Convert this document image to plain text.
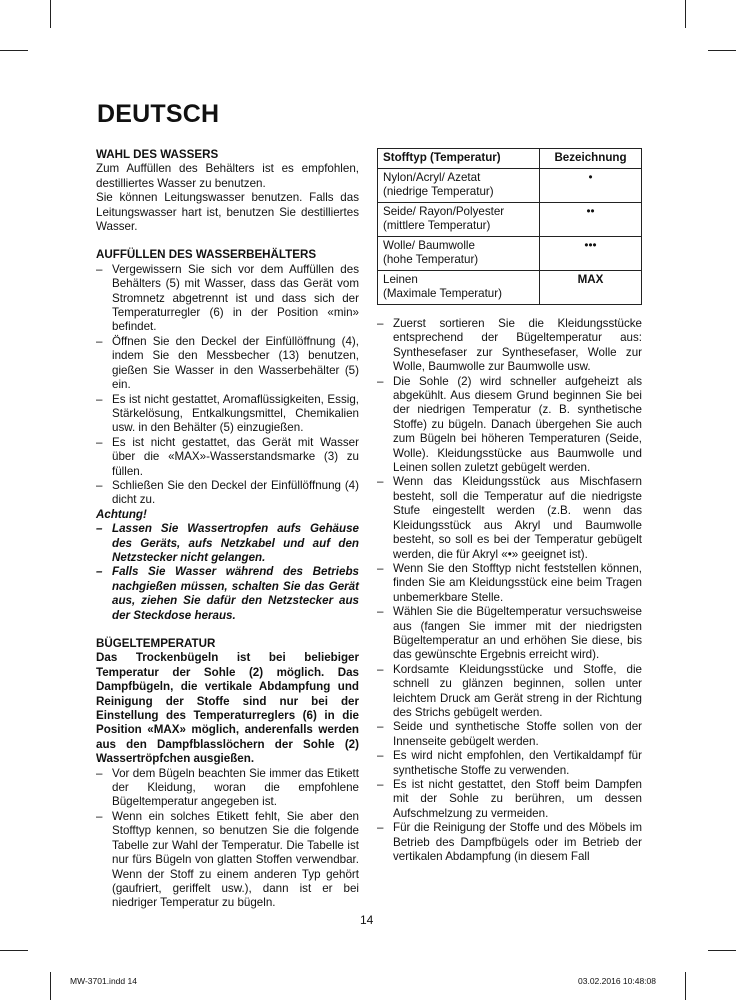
DEUTSCH

WAHL DES WASSERS

Zum Auffüllen des Behälters ist es empfohlen, destilliertes Wasser zu benutzen.

Sie können Leitungswasser benutzen. Falls das Leitungswasser hart ist, benutzen Sie destilliertes Wasser.

AUFFÜLLEN DES WASSERBEHÄLTERS

– Vergewissern Sie sich vor dem Auffüllen des Behälters (5) mit Wasser, dass das Gerät vom Stromnetz abgetrennt ist und dass sich der Temperaturregler (6) in der Position «min» befindet.

– Öffnen Sie den Deckel der Einfüllöffnung (4), indem Sie den Messbecher (13) benutzen, gießen Sie Wasser in den Wasserbehälter (5) ein.

– Es ist nicht gestattet, Aromaflüssigkeiten, Essig, Stärkelösung, Entkalkungsmittel, Chemikalien usw. in den Behälter (5) einzugießen.

– Es ist nicht gestattet, das Gerät mit Wasser über die «MAX»-Wasserstandsmarke (3) zu füllen.

– Schließen Sie den Deckel der Einfüllöffnung (4) dicht zu.

Achtung!

– Lassen Sie Wassertropfen aufs Gehäuse des Geräts, aufs Netzkabel und auf den Netzstecker nicht gelangen.

– Falls Sie Wasser während des Betriebs nachgießen müssen, schalten Sie das Gerät aus, ziehen Sie dafür den Netzstecker aus der Steckdose heraus.

BÜGELTEMPERATUR

Das Trockenbügeln ist bei beliebiger Temperatur der Sohle (2) möglich. Das Dampfbügeln, die vertikale Abdampfung und Reinigung der Stoffe sind nur bei der Einstellung des Temperaturreglers (6) in die Position «MAX» möglich, anderenfalls werden aus den Dampfblasslöchern der Sohle (2) Wassertröpfchen ausgießen.

– Vor dem Bügeln beachten Sie immer das Etikett der Kleidung, woran die empfohlene Bügeltemperatur angegeben ist.

– Wenn ein solches Etikett fehlt, Sie aber den Stofftyp kennen, so benutzen Sie die folgende Tabelle zur Wahl der Temperatur. Die Tabelle ist nur fürs Bügeln von glatten Stoffen verwendbar. Wenn der Stoff zu einem anderen Typ gehört (gaufriert, geriffelt usw.), dann ist er bei niedriger Temperatur zu bügeln.

Stofftyp (Temperatur)	Bezeichnung
Nylon/Acryl/ Azetat
(niedrige Temperatur)	•
Seide/ Rayon/Polyester
(mittlere Temperatur)	••
Wolle/ Baumwolle
(hohe Temperatur)	•••
Leinen
(Maximale Temperatur)	MAX

– Zuerst sortieren Sie die Kleidungsstücke entsprechend der Bügeltemperatur aus: Synthesefaser zur Synthesefaser, Wolle zur Wolle, Baumwolle zur Baumwolle usw.

– Die Sohle (2) wird schneller aufgeheizt als abgekühlt. Aus diesem Grund beginnen Sie bei der niedrigen Temperatur (z. B. synthetische Stoffe) zu bügeln. Danach übergehen Sie auch zum Bügeln bei höheren Temperaturen (Seide, Wolle). Kleidungsstücke aus Baumwolle und Leinen sollen zuletzt gebügelt werden.

– Wenn das Kleidungsstück aus Mischfasern besteht, soll die Temperatur auf die niedrigste Stufe eingestellt werden (z.B. wenn das Kleidungsstück aus Akryl und Baumwolle besteht, so soll es bei der Temperatur gebügelt werden, die für Akryl «•» geeignet ist).

– Wenn Sie den Stofftyp nicht feststellen können, finden Sie am Kleidungsstück eine beim Tragen unbemerkbare Stelle.

– Wählen Sie die Bügeltemperatur versuchsweise aus (fangen Sie immer mit der niedrigsten Bügeltemperatur an und erhöhen Sie diese, bis das gewünschte Ergebnis erreicht wird).

– Kordsamte Kleidungsstücke und Stoffe, die schnell zu glänzen beginnen, sollen unter leichtem Druck am Gerät streng in der Richtung des Strichs gebügelt werden.

– Seide und synthetische Stoffe sollen von der Innenseite gebügelt werden.

– Es wird nicht empfohlen, den Vertikaldampf für synthetische Stoffe zu verwenden.

– Es ist nicht gestattet, den Stoff beim Dampfen mit der Sohle zu berühren, um dessen Aufschmelzung zu vermeiden.

– Für die Reinigung der Stoffe und des Möbels im Betrieb des Dampfbügels oder im Betrieb der vertikalen Abdampfung (in diesem Fall

14
MW-3701.indd 14	03.02.2016 10:48:08
